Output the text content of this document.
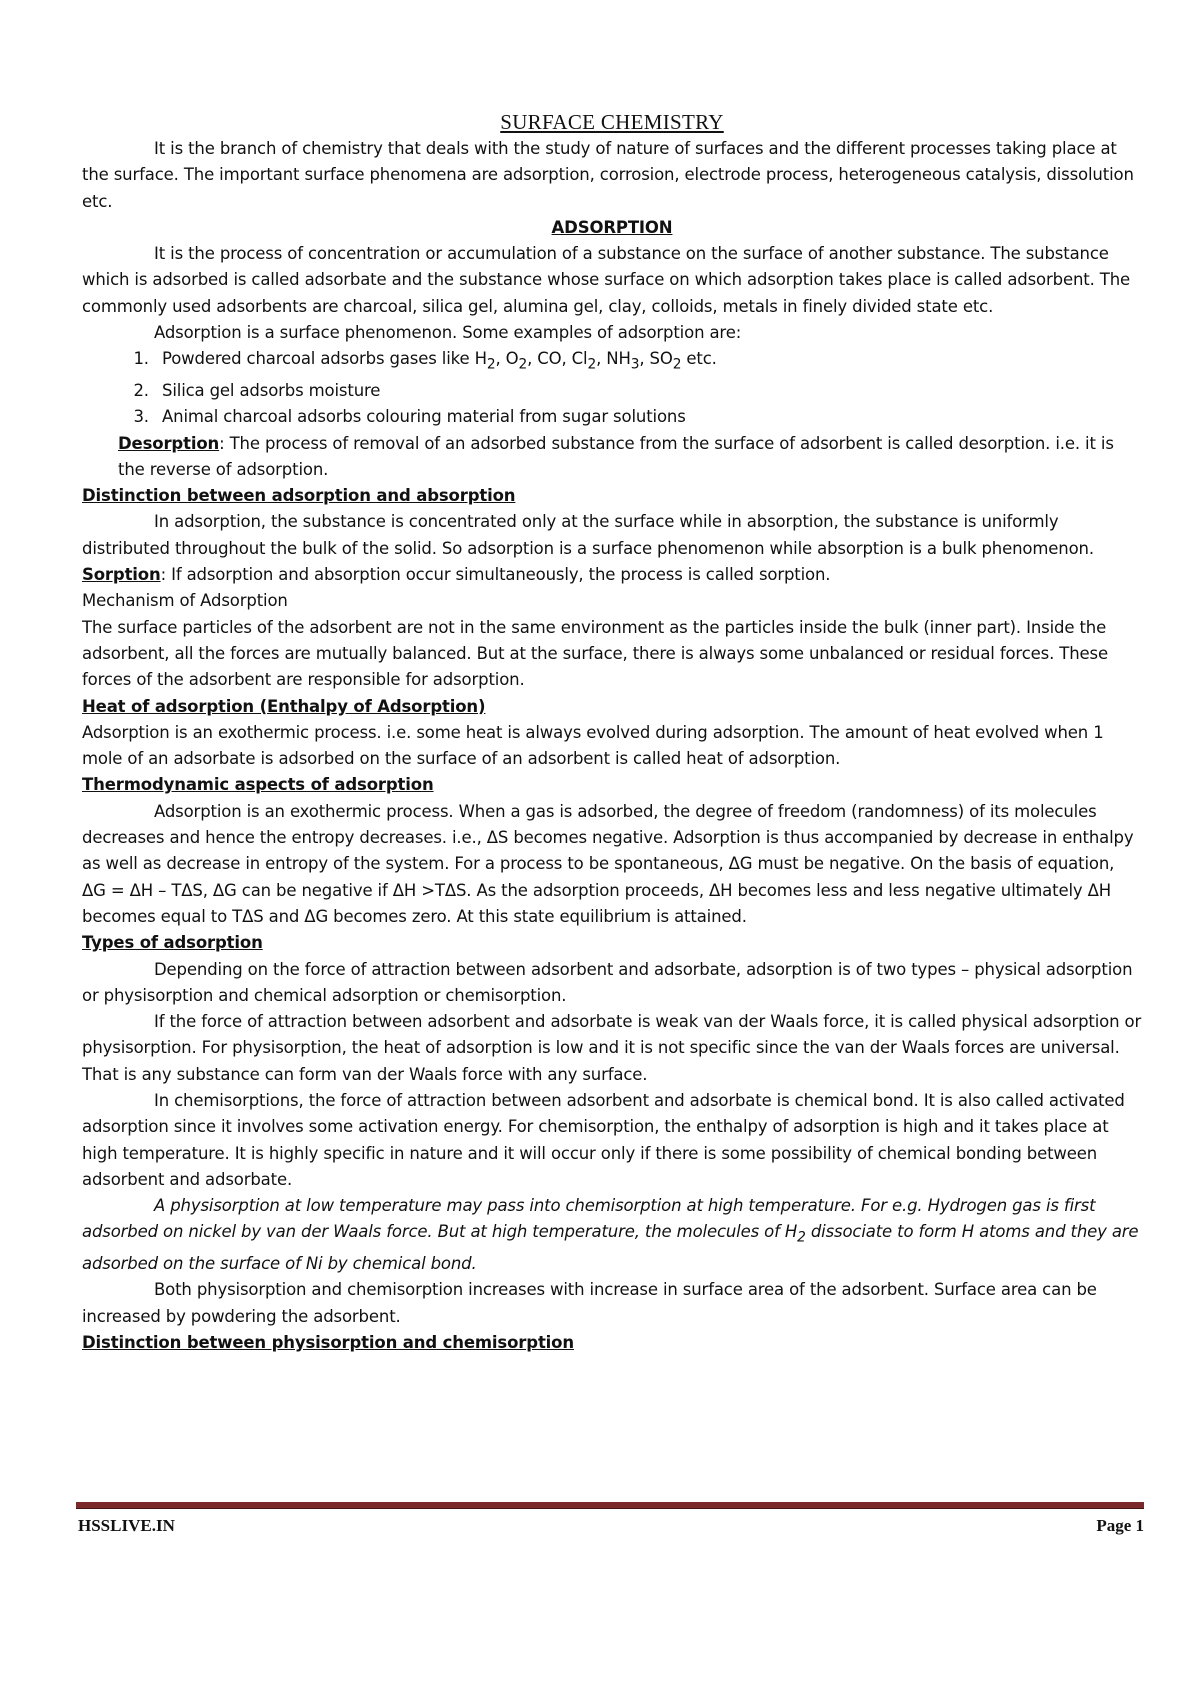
SURFACE CHEMISTRY

It is the branch of chemistry that deals with the study of nature of surfaces and the different processes taking place at the surface. The important surface phenomena are adsorption, corrosion, electrode process, heterogeneous catalysis, dissolution etc.

ADSORPTION

It is the process of concentration or accumulation of a substance on the surface of another substance. The substance which is adsorbed is called adsorbate and the substance whose surface on which adsorption takes place is called adsorbent. The commonly used adsorbents are charcoal, silica gel, alumina gel, clay, colloids, metals in finely divided state etc.

Adsorption is a surface phenomenon. Some examples of adsorption are:

1. Powdered charcoal adsorbs gases like $H_2$, $O_2$, CO, $Cl_2$, $NH_3$, $SO_2$ etc.
2. Silica gel adsorbs moisture
3. Animal charcoal adsorbs colouring material from sugar solutions

Desorption: The process of removal of an adsorbed substance from the surface of adsorbent is called desorption. i.e. it is the reverse of adsorption.

Distinction between adsorption and absorption

In adsorption, the substance is concentrated only at the surface while in absorption, the substance is uniformly distributed throughout the bulk of the solid. So adsorption is a surface phenomenon while absorption is a bulk phenomenon.

Sorption: If adsorption and absorption occur simultaneously, the process is called sorption.

Mechanism of Adsorption

The surface particles of the adsorbent are not in the same environment as the particles inside the bulk (inner part). Inside the adsorbent, all the forces are mutually balanced. But at the surface, there is always some unbalanced or residual forces. These forces of the adsorbent are responsible for adsorption.

Heat of adsorption (Enthalpy of Adsorption)

Adsorption is an exothermic process. i.e. some heat is always evolved during adsorption. The amount of heat evolved when 1 mole of an adsorbate is adsorbed on the surface of an adsorbent is called heat of adsorption.

Thermodynamic aspects of adsorption

Adsorption is an exothermic process. When a gas is adsorbed, the degree of freedom (randomness) of its molecules decreases and hence the entropy decreases. i.e., ΔS becomes negative. Adsorption is thus accompanied by decrease in enthalpy as well as decrease in entropy of the system. For a process to be spontaneous, ΔG must be negative. On the basis of equation, ΔG = ΔH – TΔS, ΔG can be negative if ΔH >TΔS. As the adsorption proceeds, ΔH becomes less and less negative ultimately ΔH becomes equal to TΔS and ΔG becomes zero. At this state equilibrium is attained.

Types of adsorption

Depending on the force of attraction between adsorbent and adsorbate, adsorption is of two types – physical adsorption or physisorption and chemical adsorption or chemisorption.

If the force of attraction between adsorbent and adsorbate is weak van der Waals force, it is called physical adsorption or physisorption. For physisorption, the heat of adsorption is low and it is not specific since the van der Waals forces are universal. That is any substance can form van der Waals force with any surface.

In chemisorptions, the force of attraction between adsorbent and adsorbate is chemical bond. It is also called activated adsorption since it involves some activation energy. For chemisorption, the enthalpy of adsorption is high and it takes place at high temperature. It is highly specific in nature and it will occur only if there is some possibility of chemical bonding between adsorbent and adsorbate.

A physisorption at low temperature may pass into chemisorption at high temperature. For e.g. Hydrogen gas is first adsorbed on nickel by van der Waals force. But at high temperature, the molecules of $H_2$ dissociate to form H atoms and they are adsorbed on the surface of Ni by chemical bond.

Both physisorption and chemisorption increases with increase in surface area of the adsorbent. Surface area can be increased by powdering the adsorbent.

Distinction between physisorption and chemisorption

HSSLIVE.IN	Page 1
